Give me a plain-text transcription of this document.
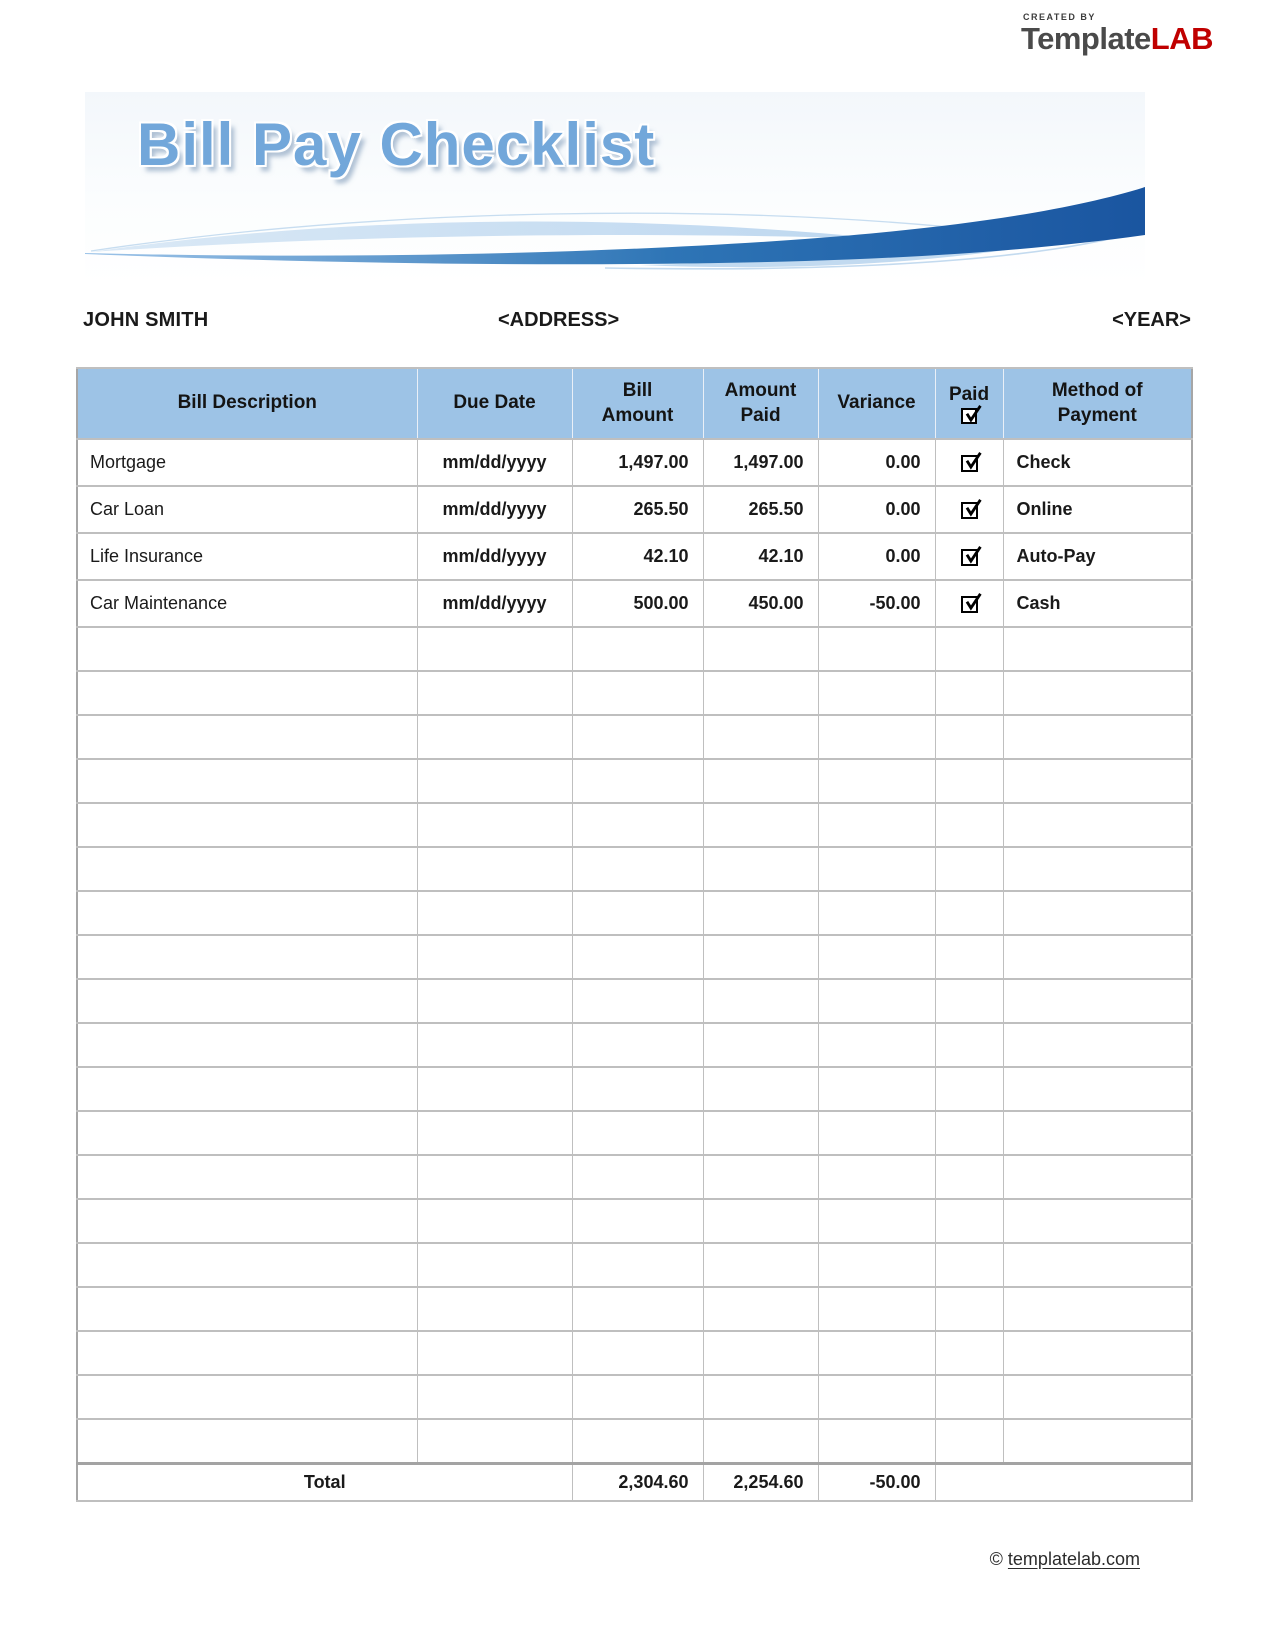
CREATED BY
TemplateLAB
Bill Pay Checklist
JOHN SMITH	<ADDRESS>	<YEAR>
Bill Description	Due Date	Bill Amount	Amount Paid	Variance	Paid	Method of Payment

Mortgage	mm/dd/yyyy	1,497.00	1,497.00	0.00		Check
Car Loan	mm/dd/yyyy	265.50	265.50	0.00		Online
Life Insurance	mm/dd/yyyy	42.10	42.10	0.00		Auto-Pay
Car Maintenance	mm/dd/yyyy	500.00	450.00	-50.00		Cash

Total		2,304.60	2,254.60	-50.00		
© templatelab.com
